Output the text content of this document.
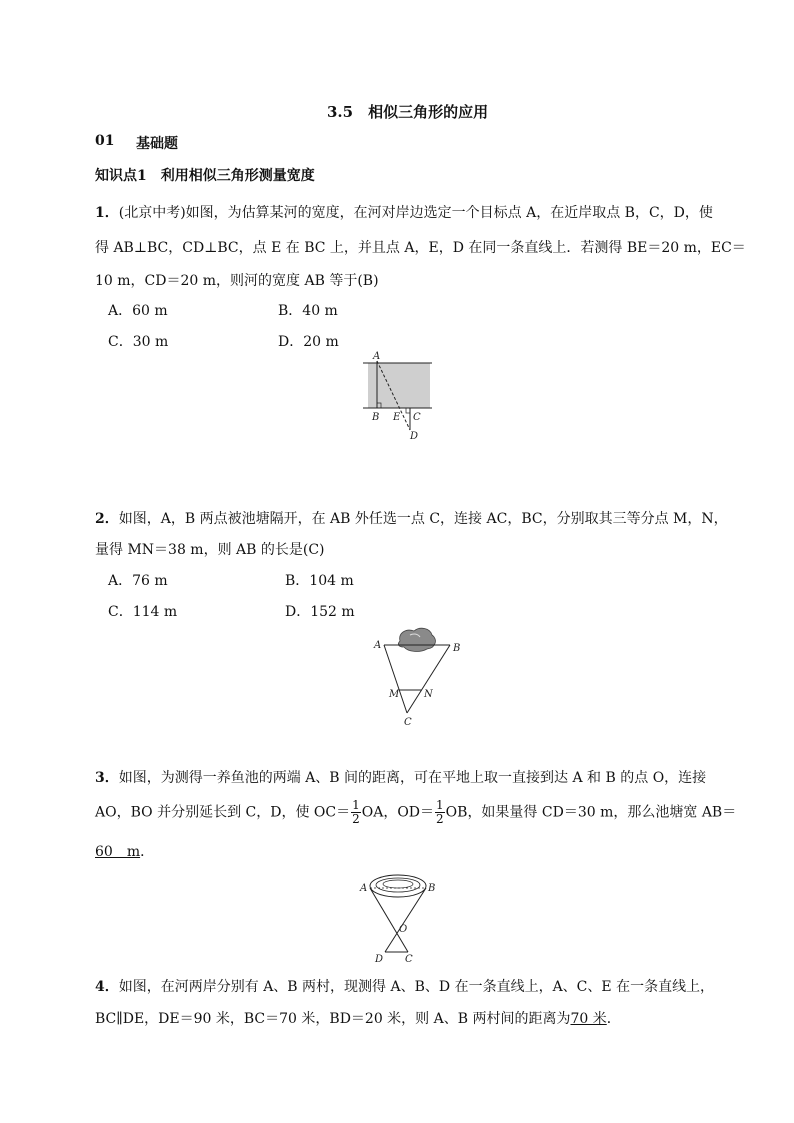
3.5　相似三角形的应用
01 基础题
知识点1　利用相似三角形测量宽度
1．(北京中考)如图，为估算某河的宽度，在河对岸边选定一个目标点 A，在近岸取点 B，C，D，使
得 AB⊥BC，CD⊥BC，点 E 在 BC 上，并且点 A，E，D 在同一条直线上．若测得 BE＝20 m，EC＝
10 m，CD＝20 m，则河的宽度 AB 等于(B)
A．60 m	B．40 m
C．30 m	D．20 m
A
B E C
D
2．如图，A，B 两点被池塘隔开，在 AB 外任选一点 C，连接 AC，BC，分别取其三等分点 M，N，
量得 MN＝38 m，则 AB 的长是(C)
A．76 m	B．104 m
C．114 m	D．152 m
A	B
M N
C
3．如图，为测得一养鱼池的两端 A、B 间的距离，可在平地上取一直接到达 A 和 B 的点 O，连接
AO，BO 并分别延长到 C，D，使 $OC= \frac{1}{2}$ OA，$OD= \frac{1}{2}$ OB，如果量得 CD＝30 m，那么池塘宽 AB＝
60　m．
A	B
O
D C
4．如图，在河两岸分别有 A、B 两村，现测得 A、B、D 在一条直线上，A、C、E 在一条直线上，
BC∥DE，DE＝90 米，BC＝70 米，BD＝20 米，则 A、B 两村间的距离为70 米．
